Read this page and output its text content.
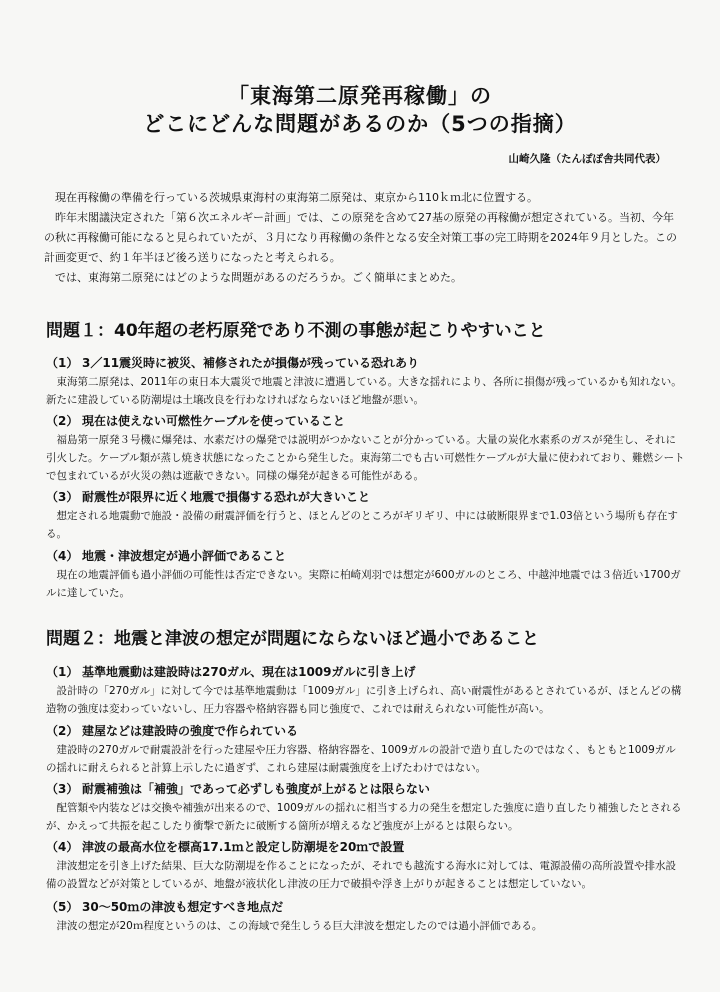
「東海第二原発再稼働」の
どこにどんな問題があるのか（5つの指摘）
山崎久隆（たんぽぽ舎共同代表）

　現在再稼働の準備を行っている茨城県東海村の東海第二原発は、東京から110ｋｍ北に位置する。

　昨年末閣議決定された「第６次エネルギー計画」では、この原発を含めて27基の原発の再稼働が想定されている。当初、今年の秋に再稼働可能になると見られていたが、３月になり再稼働の条件となる安全対策工事の完工時期を2024年９月とした。この計画変更で、約１年半ほど後ろ送りになったと考えられる。

　では、東海第二原発にはどのような問題があるのだろうか。ごく簡単にまとめた。

問題１：40年超の老朽原発であり不測の事態が起こりやすいこと
（1） 3／11震災時に被災、補修されたが損傷が残っている恐れあり
　東海第二原発は、2011年の東日本大震災で地震と津波に遭遇している。大きな揺れにより、各所に損傷が残っているかも知れない。新たに建設している防潮堤は土壌改良を行わなければならないほど地盤が悪い。
（2） 現在は使えない可燃性ケーブルを使っていること
　福島第一原発３号機に爆発は、水素だけの爆発では説明がつかないことが分かっている。大量の炭化水素系のガスが発生し、それに引火した。ケーブル類が蒸し焼き状態になったことから発生した。東海第二でも古い可燃性ケーブルが大量に使われており、難燃シートで包まれているが火災の熱は遮蔽できない。同様の爆発が起きる可能性がある。
（3） 耐震性が限界に近く地震で損傷する恐れが大きいこと
　想定される地震動で施設・設備の耐震評価を行うと、ほとんどのところがギリギリ、中には破断限界まで1.03倍という場所も存在する。
（4） 地震・津波想定が過小評価であること
　現在の地震評価も過小評価の可能性は否定できない。実際に柏崎刈羽では想定が600ガルのところ、中越沖地震では３倍近い1700ガルに達していた。
問題２：地震と津波の想定が問題にならないほど過小であること
（1） 基準地震動は建設時は270ガル、現在は1009ガルに引き上げ
　設計時の「270ガル」に対して今では基準地震動は「1009ガル」に引き上げられ、高い耐震性があるとされているが、ほとんどの構造物の強度は変わっていないし、圧力容器や格納容器も同じ強度で、これでは耐えられない可能性が高い。
（2） 建屋などは建設時の強度で作られている
　建設時の270ガルで耐震設計を行った建屋や圧力容器、格納容器を、1009ガルの設計で造り直したのではなく、もともと1009ガルの揺れに耐えられると計算上示したに過ぎず、これら建屋は耐震強度を上げたわけではない。
（3） 耐震補強は「補強」であって必ずしも強度が上がるとは限らない
　配管類や内装などは交換や補強が出来るので、1009ガルの揺れに相当する力の発生を想定した強度に造り直したり補強したとされるが、かえって共振を起こしたり衝撃で新たに破断する箇所が増えるなど強度が上がるとは限らない。
（4） 津波の最高水位を標高17.1ｍと設定し防潮堤を20ｍで設置
　津波想定を引き上げた結果、巨大な防潮堤を作ることになったが、それでも越流する海水に対しては、電源設備の高所設置や排水設備の設置などが対策としているが、地盤が液状化し津波の圧力で破損や浮き上がりが起きることは想定していない。
（5） 30～50ｍの津波も想定すべき地点だ
　津波の想定が20ｍ程度というのは、この海域で発生しうる巨大津波を想定したのでは過小評価である。
